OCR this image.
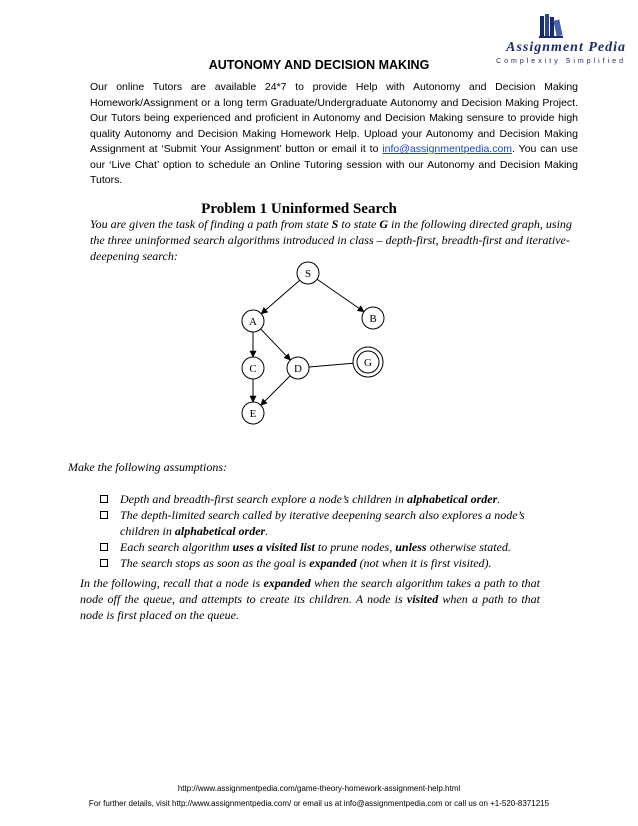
Assignment Pedia
Complexity Simplified
AUTONOMY AND DECISION MAKING
Our online Tutors are available 24*7 to provide Help with Autonomy and Decision Making Homework/Assignment or a long term Graduate/Undergraduate Autonomy and Decision Making Project. Our Tutors being experienced and proficient in Autonomy and Decision Making sensure to provide high quality Autonomy and Decision Making Homework Help. Upload your Autonomy and Decision Making Assignment at ‘Submit Your Assignment’ button or email it to info@assignmentpedia.com. You can use our ‘Live Chat’ option to schedule an Online Tutoring session with our Autonomy and Decision Making Tutors.
Problem 1 Uninformed Search
You are given the task of finding a path from state S to state G in the following directed graph, using the three uninformed search algorithms introduced in class – depth-first, breadth-first and iterative-deepening search:
S
A	B
C	D	G
E
Make the following assumptions:
Depth and breadth-first search explore a node’s children in alphabetical order.
The depth-limited search called by iterative deepening search also explores a node’s children in alphabetical order.
Each search algorithm uses a visited list to prune nodes, unless otherwise stated.
The search stops as soon as the goal is expanded (not when it is first visited).
In the following, recall that a node is expanded when the search algorithm takes a path to that node off the queue, and attempts to create its children. A node is visited when a path to that node is first placed on the queue.
http://www.assignmentpedia.com/game-theory-homework-assignment-help.html
For further details, visit http://www.assignmentpedia.com/ or email us at info@assignmentpedia.com or call us on +1-520-8371215
